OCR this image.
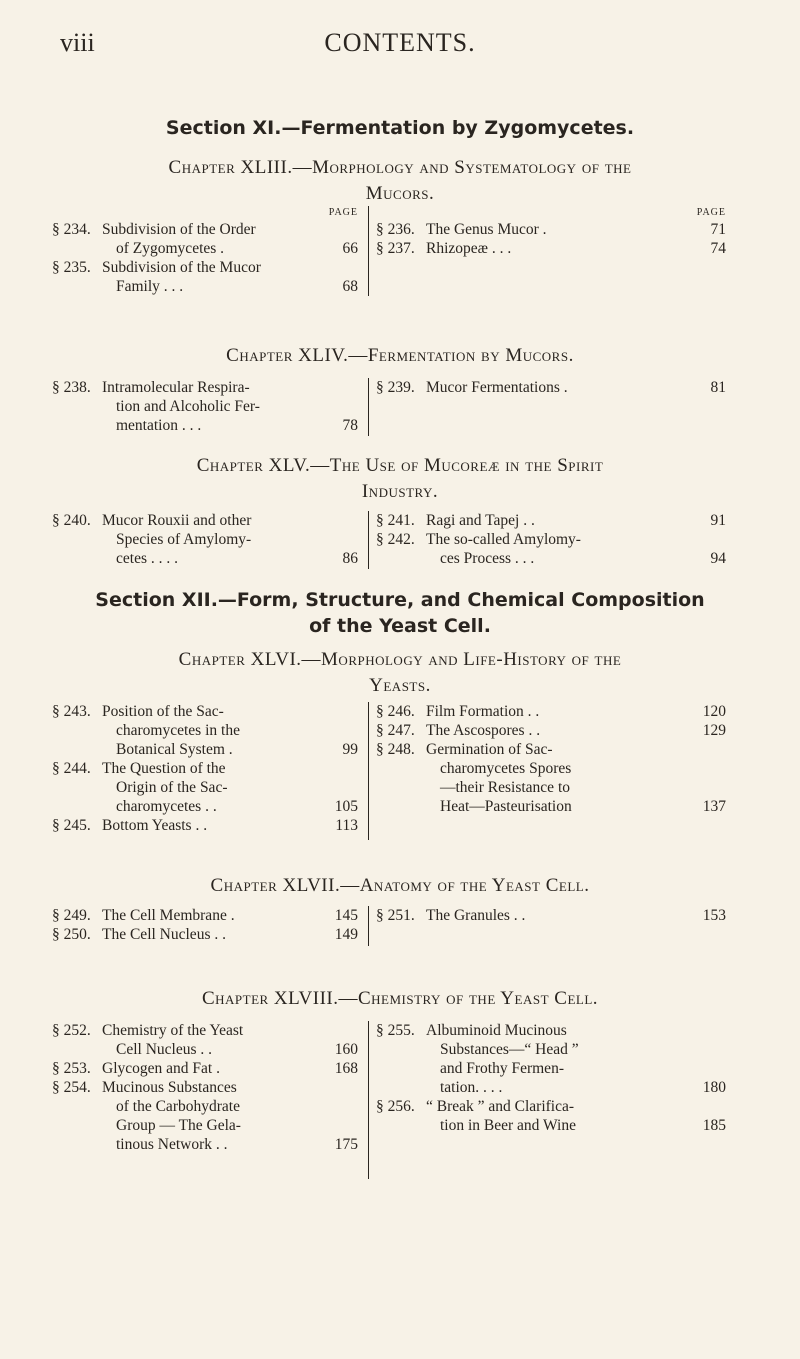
viii	CONTENTS.
Section XI.—Fermentation by Zygomycetes.
Chapter XLIII.—Morphology and Systematology of the
Mucors.
PAGE
§ 234. Subdivision of the Order
of Zygomycetes .	66
§ 235. Subdivision of the Mucor
Family . . .	68
PAGE
§ 236. The Genus Mucor .	71
§ 237. Rhizopeæ . . .	74
Chapter XLIV.—Fermentation by Mucors.
§ 238. Intramolecular Respira-
tion and Alcoholic Fer-
mentation . . .	78
§ 239. Mucor Fermentations .	81
Chapter XLV.—The Use of Mucoreæ in the Spirit
Industry.
§ 240. Mucor Rouxii and other
Species of Amylomy-
cetes . . . .	86
§ 241. Ragi and Tapej . .	91
§ 242. The so-called Amylomy-
ces Process . . .	94
Section XII.—Form, Structure, and Chemical Composition
of the Yeast Cell.
Chapter XLVI.—Morphology and Life-History of the
Yeasts.
§ 243. Position of the Sac-
charomycetes in the
Botanical System .	99
§ 244. The Question of the
Origin of the Sac-
charomycetes . .	105
§ 245. Bottom Yeasts . .	113
§ 246. Film Formation . .	120
§ 247. The Ascospores . .	129
§ 248. Germination of Sac-
charomycetes Spores
—their Resistance to
Heat—Pasteurisation	137
Chapter XLVII.—Anatomy of the Yeast Cell.
§ 249. The Cell Membrane .	145
§ 250. The Cell Nucleus . .	149
§ 251. The Granules . .	153
Chapter XLVIII.—Chemistry of the Yeast Cell.
§ 252. Chemistry of the Yeast
Cell Nucleus . .	160
§ 253. Glycogen and Fat .	168
§ 254. Mucinous Substances
of the Carbohydrate
Group — The Gela-
tinous Network . .	175
§ 255. Albuminoid Mucinous
Substances—“ Head ”
and Frothy Fermen-
tation. . . .	180
§ 256. “ Break ” and Clarifica-
tion in Beer and Wine	185
